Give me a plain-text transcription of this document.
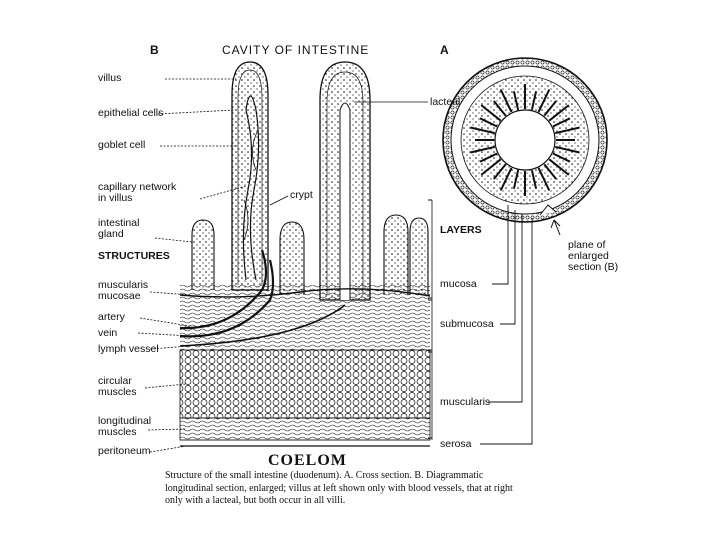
B	CAVITY OF INTESTINE	A
lacteal
crypt
villus
epithelial cells
goblet cell
capillary network
in villus
intestinal
gland
muscularis
mucosae
artery
vein
lymph vessel
circular
muscles
longitudinal
muscles
peritoneum
STRUCTURES
LAYERS
mucosa
submucosa
muscularis
serosa
plane of
enlarged
section (B)
COELOM
Structure of the small intestine (duodenum). A. Cross section. B. Diagrammatic
longitudinal section, enlarged; villus at left shown only with blood vessels, that at right
only with a lacteal, but both occur in all villi.
